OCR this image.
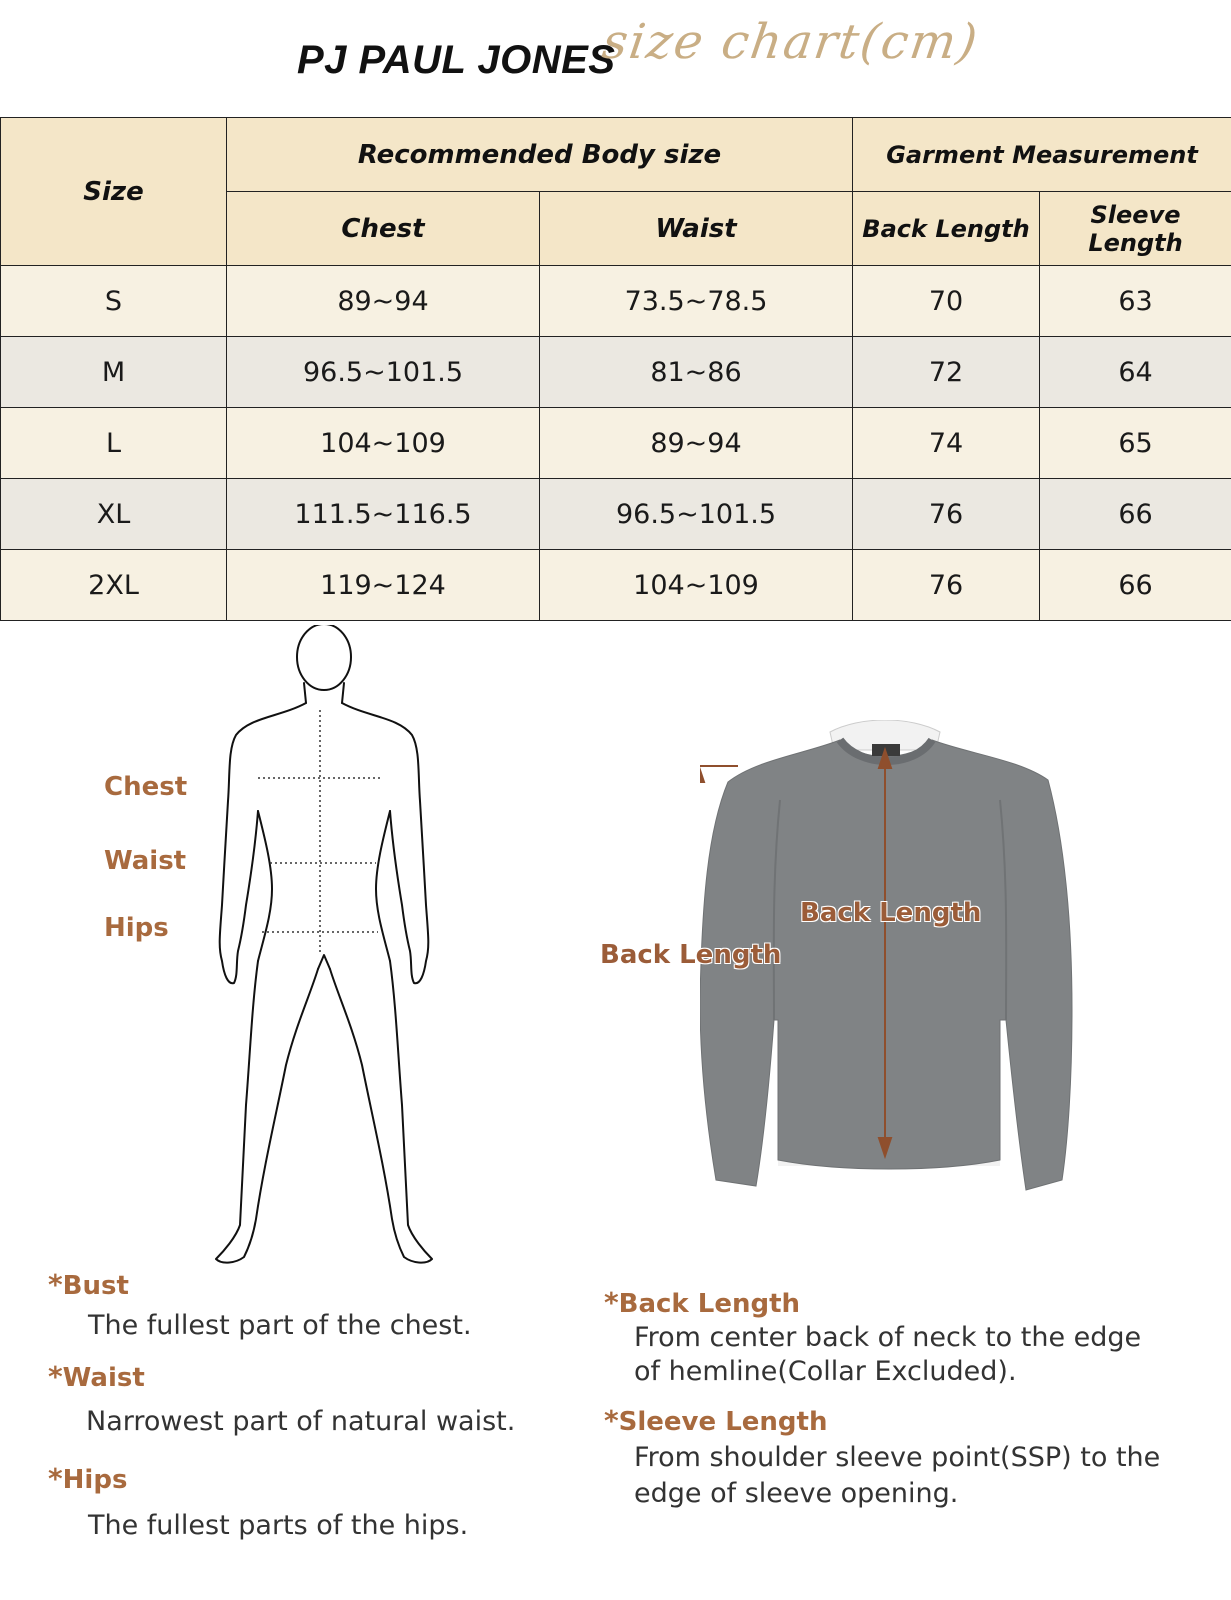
PJ PAUL JONES
size chart(cm)
Size	Recommended Body size		Garment Measurement	
	Chest	Waist	Back Length	Sleeve Length
S	89~94	73.5~78.5	70	63
M	96.5~101.5	81~86	72	64
L	104~109	89~94	74	65
XL	111.5~116.5	96.5~101.5	76	66
2XL	119~124	104~109	76	66
Chest
Waist
Hips	Back Length
Back Length
*Bust
The fullest part of the chest.
*Waist
Narrowest part of natural waist.
*Hips
The fullest parts of the hips.
*Back Length
From center back of neck to the edge
of hemline(Collar Excluded).
*Sleeve Length
From shoulder sleeve point(SSP) to the
edge of sleeve opening.
